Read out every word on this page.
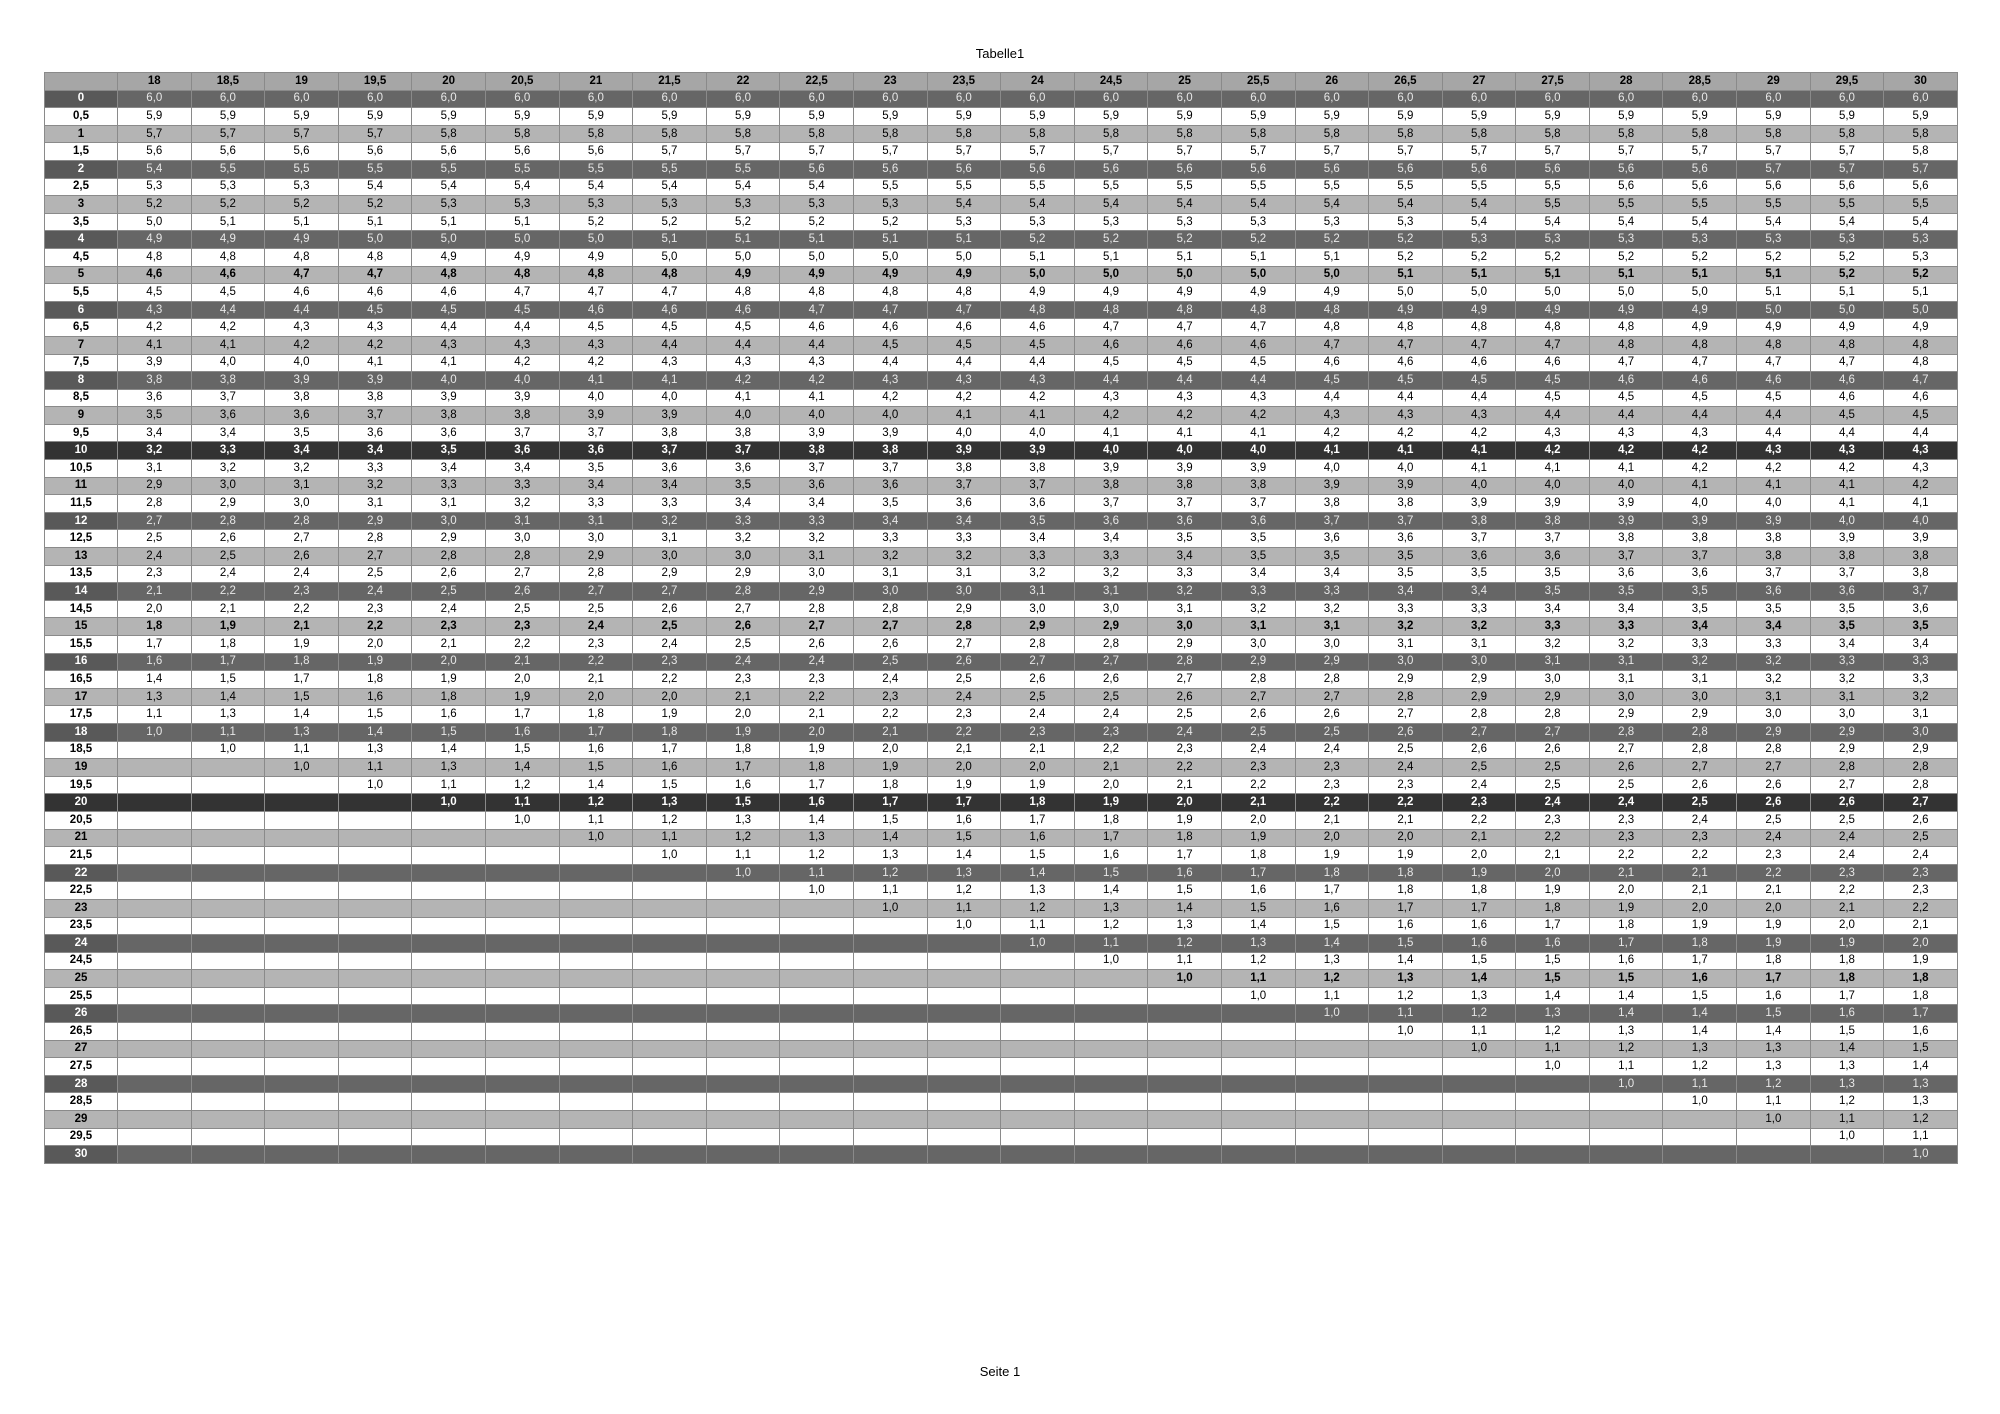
Tabelle1
	18	18,5	19	19,5	20	20,5	21	21,5	22	22,5	23	23,5	24	24,5	25	25,5	26	26,5	27	27,5	28	28,5	29	29,5	30
0	6,0	6,0	6,0	6,0	6,0	6,0	6,0	6,0	6,0	6,0	6,0	6,0	6,0	6,0	6,0	6,0	6,0	6,0	6,0	6,0	6,0	6,0	6,0	6,0	6,0
0,5	5,9	5,9	5,9	5,9	5,9	5,9	5,9	5,9	5,9	5,9	5,9	5,9	5,9	5,9	5,9	5,9	5,9	5,9	5,9	5,9	5,9	5,9	5,9	5,9	5,9
1	5,7	5,7	5,7	5,7	5,8	5,8	5,8	5,8	5,8	5,8	5,8	5,8	5,8	5,8	5,8	5,8	5,8	5,8	5,8	5,8	5,8	5,8	5,8	5,8	5,8
1,5	5,6	5,6	5,6	5,6	5,6	5,6	5,6	5,7	5,7	5,7	5,7	5,7	5,7	5,7	5,7	5,7	5,7	5,7	5,7	5,7	5,7	5,7	5,7	5,7	5,8
2	5,4	5,5	5,5	5,5	5,5	5,5	5,5	5,5	5,5	5,6	5,6	5,6	5,6	5,6	5,6	5,6	5,6	5,6	5,6	5,6	5,6	5,6	5,7	5,7	5,7
2,5	5,3	5,3	5,3	5,4	5,4	5,4	5,4	5,4	5,4	5,4	5,5	5,5	5,5	5,5	5,5	5,5	5,5	5,5	5,5	5,5	5,6	5,6	5,6	5,6	5,6
3	5,2	5,2	5,2	5,2	5,3	5,3	5,3	5,3	5,3	5,3	5,3	5,4	5,4	5,4	5,4	5,4	5,4	5,4	5,4	5,5	5,5	5,5	5,5	5,5	5,5
3,5	5,0	5,1	5,1	5,1	5,1	5,1	5,2	5,2	5,2	5,2	5,2	5,3	5,3	5,3	5,3	5,3	5,3	5,3	5,4	5,4	5,4	5,4	5,4	5,4	5,4
4	4,9	4,9	4,9	5,0	5,0	5,0	5,0	5,1	5,1	5,1	5,1	5,1	5,2	5,2	5,2	5,2	5,2	5,2	5,3	5,3	5,3	5,3	5,3	5,3	5,3
4,5	4,8	4,8	4,8	4,8	4,9	4,9	4,9	5,0	5,0	5,0	5,0	5,0	5,1	5,1	5,1	5,1	5,1	5,2	5,2	5,2	5,2	5,2	5,2	5,2	5,3
5	4,6	4,6	4,7	4,7	4,8	4,8	4,8	4,8	4,9	4,9	4,9	4,9	5,0	5,0	5,0	5,0	5,0	5,1	5,1	5,1	5,1	5,1	5,1	5,2	5,2
5,5	4,5	4,5	4,6	4,6	4,6	4,7	4,7	4,7	4,8	4,8	4,8	4,8	4,9	4,9	4,9	4,9	4,9	5,0	5,0	5,0	5,0	5,0	5,1	5,1	5,1
6	4,3	4,4	4,4	4,5	4,5	4,5	4,6	4,6	4,6	4,7	4,7	4,7	4,8	4,8	4,8	4,8	4,8	4,9	4,9	4,9	4,9	4,9	5,0	5,0	5,0
6,5	4,2	4,2	4,3	4,3	4,4	4,4	4,5	4,5	4,5	4,6	4,6	4,6	4,6	4,7	4,7	4,7	4,8	4,8	4,8	4,8	4,8	4,9	4,9	4,9	4,9
7	4,1	4,1	4,2	4,2	4,3	4,3	4,3	4,4	4,4	4,4	4,5	4,5	4,5	4,6	4,6	4,6	4,7	4,7	4,7	4,7	4,8	4,8	4,8	4,8	4,8
7,5	3,9	4,0	4,0	4,1	4,1	4,2	4,2	4,3	4,3	4,3	4,4	4,4	4,4	4,5	4,5	4,5	4,6	4,6	4,6	4,6	4,7	4,7	4,7	4,7	4,8
8	3,8	3,8	3,9	3,9	4,0	4,0	4,1	4,1	4,2	4,2	4,3	4,3	4,3	4,4	4,4	4,4	4,5	4,5	4,5	4,5	4,6	4,6	4,6	4,6	4,7
8,5	3,6	3,7	3,8	3,8	3,9	3,9	4,0	4,0	4,1	4,1	4,2	4,2	4,2	4,3	4,3	4,3	4,4	4,4	4,4	4,5	4,5	4,5	4,5	4,6	4,6
9	3,5	3,6	3,6	3,7	3,8	3,8	3,9	3,9	4,0	4,0	4,0	4,1	4,1	4,2	4,2	4,2	4,3	4,3	4,3	4,4	4,4	4,4	4,4	4,5	4,5
9,5	3,4	3,4	3,5	3,6	3,6	3,7	3,7	3,8	3,8	3,9	3,9	4,0	4,0	4,1	4,1	4,1	4,2	4,2	4,2	4,3	4,3	4,3	4,4	4,4	4,4
10	3,2	3,3	3,4	3,4	3,5	3,6	3,6	3,7	3,7	3,8	3,8	3,9	3,9	4,0	4,0	4,0	4,1	4,1	4,1	4,2	4,2	4,2	4,3	4,3	4,3
10,5	3,1	3,2	3,2	3,3	3,4	3,4	3,5	3,6	3,6	3,7	3,7	3,8	3,8	3,9	3,9	3,9	4,0	4,0	4,1	4,1	4,1	4,2	4,2	4,2	4,3
11	2,9	3,0	3,1	3,2	3,3	3,3	3,4	3,4	3,5	3,6	3,6	3,7	3,7	3,8	3,8	3,8	3,9	3,9	4,0	4,0	4,0	4,1	4,1	4,1	4,2
11,5	2,8	2,9	3,0	3,1	3,1	3,2	3,3	3,3	3,4	3,4	3,5	3,6	3,6	3,7	3,7	3,7	3,8	3,8	3,9	3,9	3,9	4,0	4,0	4,1	4,1
12	2,7	2,8	2,8	2,9	3,0	3,1	3,1	3,2	3,3	3,3	3,4	3,4	3,5	3,6	3,6	3,6	3,7	3,7	3,8	3,8	3,9	3,9	3,9	4,0	4,0
12,5	2,5	2,6	2,7	2,8	2,9	3,0	3,0	3,1	3,2	3,2	3,3	3,3	3,4	3,4	3,5	3,5	3,6	3,6	3,7	3,7	3,8	3,8	3,8	3,9	3,9
13	2,4	2,5	2,6	2,7	2,8	2,8	2,9	3,0	3,0	3,1	3,2	3,2	3,3	3,3	3,4	3,5	3,5	3,5	3,6	3,6	3,7	3,7	3,8	3,8	3,8
13,5	2,3	2,4	2,4	2,5	2,6	2,7	2,8	2,9	2,9	3,0	3,1	3,1	3,2	3,2	3,3	3,4	3,4	3,5	3,5	3,5	3,6	3,6	3,7	3,7	3,8
14	2,1	2,2	2,3	2,4	2,5	2,6	2,7	2,7	2,8	2,9	3,0	3,0	3,1	3,1	3,2	3,3	3,3	3,4	3,4	3,5	3,5	3,5	3,6	3,6	3,7
14,5	2,0	2,1	2,2	2,3	2,4	2,5	2,5	2,6	2,7	2,8	2,8	2,9	3,0	3,0	3,1	3,2	3,2	3,3	3,3	3,4	3,4	3,5	3,5	3,5	3,6
15	1,8	1,9	2,1	2,2	2,3	2,3	2,4	2,5	2,6	2,7	2,7	2,8	2,9	2,9	3,0	3,1	3,1	3,2	3,2	3,3	3,3	3,4	3,4	3,5	3,5
15,5	1,7	1,8	1,9	2,0	2,1	2,2	2,3	2,4	2,5	2,6	2,6	2,7	2,8	2,8	2,9	3,0	3,0	3,1	3,1	3,2	3,2	3,3	3,3	3,4	3,4
16	1,6	1,7	1,8	1,9	2,0	2,1	2,2	2,3	2,4	2,4	2,5	2,6	2,7	2,7	2,8	2,9	2,9	3,0	3,0	3,1	3,1	3,2	3,2	3,3	3,3
16,5	1,4	1,5	1,7	1,8	1,9	2,0	2,1	2,2	2,3	2,3	2,4	2,5	2,6	2,6	2,7	2,8	2,8	2,9	2,9	3,0	3,1	3,1	3,2	3,2	3,3
17	1,3	1,4	1,5	1,6	1,8	1,9	2,0	2,0	2,1	2,2	2,3	2,4	2,5	2,5	2,6	2,7	2,7	2,8	2,9	2,9	3,0	3,0	3,1	3,1	3,2
17,5	1,1	1,3	1,4	1,5	1,6	1,7	1,8	1,9	2,0	2,1	2,2	2,3	2,4	2,4	2,5	2,6	2,6	2,7	2,8	2,8	2,9	2,9	3,0	3,0	3,1
18	1,0	1,1	1,3	1,4	1,5	1,6	1,7	1,8	1,9	2,0	2,1	2,2	2,3	2,3	2,4	2,5	2,5	2,6	2,7	2,7	2,8	2,8	2,9	2,9	3,0
18,5		1,0	1,1	1,3	1,4	1,5	1,6	1,7	1,8	1,9	2,0	2,1	2,1	2,2	2,3	2,4	2,4	2,5	2,6	2,6	2,7	2,8	2,8	2,9	2,9
19			1,0	1,1	1,3	1,4	1,5	1,6	1,7	1,8	1,9	2,0	2,0	2,1	2,2	2,3	2,3	2,4	2,5	2,5	2,6	2,7	2,7	2,8	2,8
19,5				1,0	1,1	1,2	1,4	1,5	1,6	1,7	1,8	1,9	1,9	2,0	2,1	2,2	2,3	2,3	2,4	2,5	2,5	2,6	2,6	2,7	2,8
20					1,0	1,1	1,2	1,3	1,5	1,6	1,7	1,7	1,8	1,9	2,0	2,1	2,2	2,2	2,3	2,4	2,4	2,5	2,6	2,6	2,7
20,5						1,0	1,1	1,2	1,3	1,4	1,5	1,6	1,7	1,8	1,9	2,0	2,1	2,1	2,2	2,3	2,3	2,4	2,5	2,5	2,6
21							1,0	1,1	1,2	1,3	1,4	1,5	1,6	1,7	1,8	1,9	2,0	2,0	2,1	2,2	2,3	2,3	2,4	2,4	2,5
21,5								1,0	1,1	1,2	1,3	1,4	1,5	1,6	1,7	1,8	1,9	1,9	2,0	2,1	2,2	2,2	2,3	2,4	2,4
22									1,0	1,1	1,2	1,3	1,4	1,5	1,6	1,7	1,8	1,8	1,9	2,0	2,1	2,1	2,2	2,3	2,3
22,5										1,0	1,1	1,2	1,3	1,4	1,5	1,6	1,7	1,8	1,8	1,9	2,0	2,1	2,1	2,2	2,3
23											1,0	1,1	1,2	1,3	1,4	1,5	1,6	1,7	1,7	1,8	1,9	2,0	2,0	2,1	2,2
23,5												1,0	1,1	1,2	1,3	1,4	1,5	1,6	1,6	1,7	1,8	1,9	1,9	2,0	2,1
24													1,0	1,1	1,2	1,3	1,4	1,5	1,6	1,6	1,7	1,8	1,9	1,9	2,0
24,5														1,0	1,1	1,2	1,3	1,4	1,5	1,5	1,6	1,7	1,8	1,8	1,9
25															1,0	1,1	1,2	1,3	1,4	1,5	1,5	1,6	1,7	1,8	1,8
25,5																1,0	1,1	1,2	1,3	1,4	1,4	1,5	1,6	1,7	1,8
26																	1,0	1,1	1,2	1,3	1,4	1,4	1,5	1,6	1,7
26,5																		1,0	1,1	1,2	1,3	1,4	1,4	1,5	1,6
27																			1,0	1,1	1,2	1,3	1,3	1,4	1,5
27,5																				1,0	1,1	1,2	1,3	1,3	1,4
28																					1,0	1,1	1,2	1,3	1,3
28,5																						1,0	1,1	1,2	1,3
29																							1,0	1,1	1,2
29,5																								1,0	1,1
30																									1,0
Seite 1
